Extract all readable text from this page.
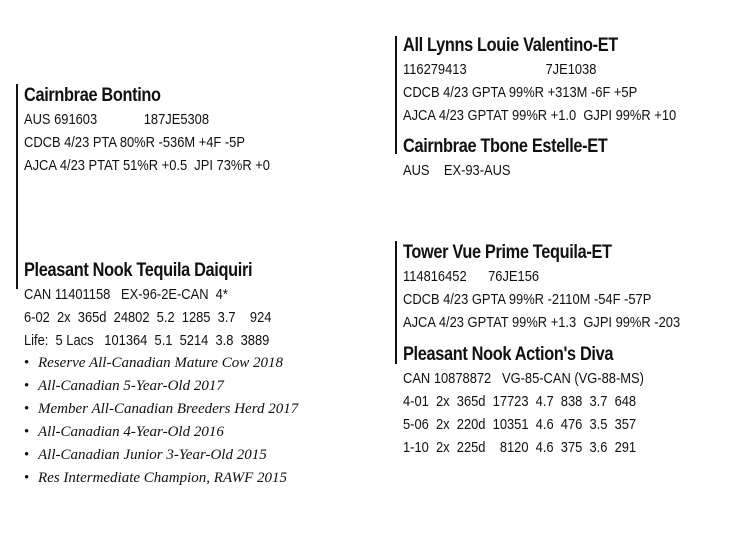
Cairnbrae Bontino
AUS 691603             187JE5308
CDCB 4/23 PTA 80%R -536M +4F -5P
AJCA 4/23 PTAT 51%R +0.5  JPI 73%R +0
Pleasant Nook Tequila Daiquiri
CAN 11401158   EX-96-2E-CAN  4*
6-02  2x  365d  24802  5.2  1285  3.7    924
Life:  5 Lacs   101364  5.1  5214  3.8  3889
• Reserve All-Canadian Mature Cow 2018
• All-Canadian 5-Year-Old 2017
• Member All-Canadian Breeders Herd 2017
• All-Canadian 4-Year-Old 2016
• All-Canadian Junior 3-Year-Old 2015
• Res Intermediate Champion, RAWF 2015
All Lynns Louie Valentino-ET
116279413                      7JE1038
CDCB 4/23 GPTA 99%R +313M -6F +5P
AJCA 4/23 GPTAT 99%R +1.0  GJPI 99%R +10
Cairnbrae Tbone Estelle-ET
AUS    EX-93-AUS
Tower Vue Prime Tequila-ET
114816452      76JE156
CDCB 4/23 GPTA 99%R -2110M -54F -57P
AJCA 4/23 GPTAT 99%R +1.3  GJPI 99%R -203
Pleasant Nook Action's Diva
CAN 10878872   VG-85-CAN (VG-88-MS)
4-01  2x  365d  17723  4.7  838  3.7  648
5-06  2x  220d  10351  4.6  476  3.5  357
1-10  2x  225d    8120  4.6  375  3.6  291
